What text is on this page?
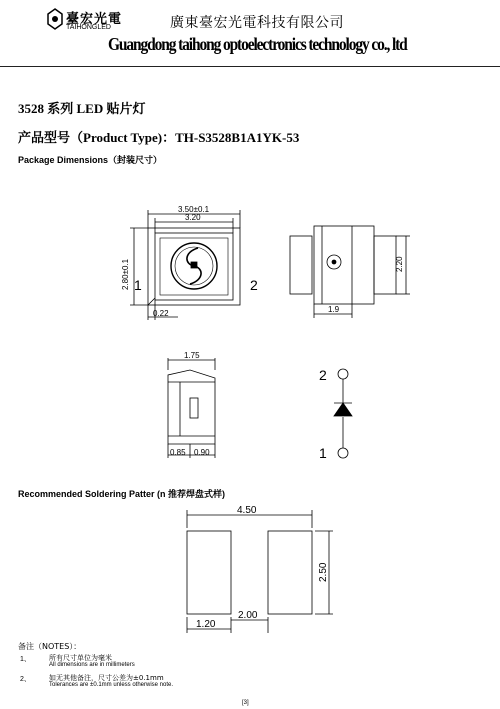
臺宏光電
TAIHONGLED	廣東臺宏光電科技有限公司
Guangdong taihong optoelectronics technology co., ltd
3528 系列 LED 贴片灯
产品型号（Product Type)：TH-S3528B1A1YK-53
Package Dimensions（封装尺寸）
3.50±0.1
3.20
2.80±0.1
0.22
1	2
2.20
1.9
1.75
0.85 0.90
2
1
4.50
2.50
1.20
2.00
Recommended Soldering Patter (n 推荐焊盘式样)
备注（NOTES）：
1、	所有尺寸单位为毫米
All dimensions are in millimeters
2、	如无其他备注，尺寸公差为±0.1mm
Tolerances are ±0.1mm unless otherwise note.
[3]
